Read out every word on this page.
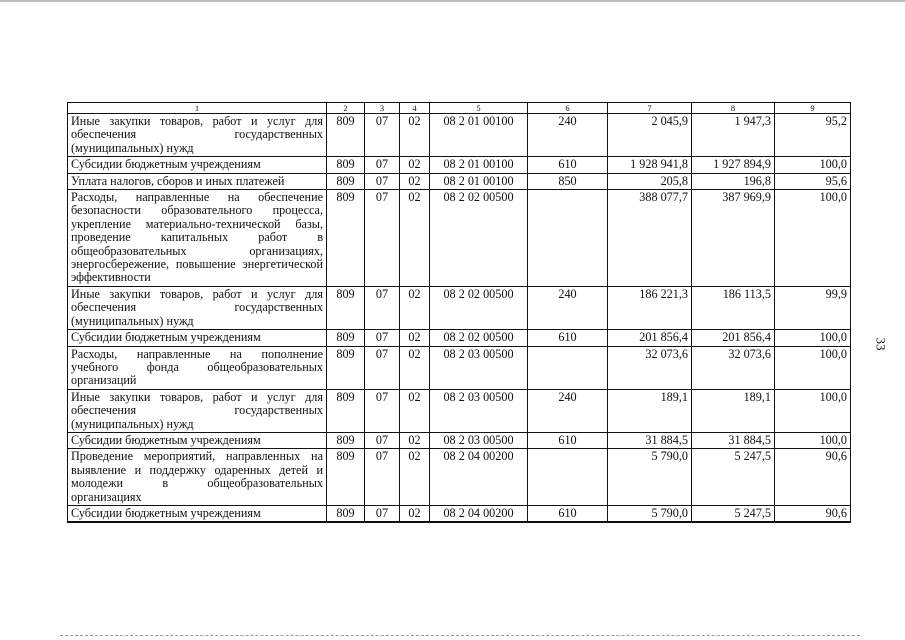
1	2	3	4	5	6	7	8	9
Иные закупки товаров, работ и услуг для обеспечения государственных (муниципальных) нужд	809	07	02	08 2 01 00100	240	2 045,9	1 947,3	95,2
Субсидии бюджетным учреждениям	809	07	02	08 2 01 00100	610	1 928 941,8	1 927 894,9	100,0
Уплата налогов, сборов и иных платежей	809	07	02	08 2 01 00100	850	205,8	196,8	95,6
Расходы, направленные на обеспечение безопасности образовательного процесса, укрепление материально-технической базы, проведение капитальных работ в общеобразовательных организациях, энергосбережение, повышение энергетической эффективности	809	07	02	08 2 02 00500		388 077,7	387 969,9	100,0
Иные закупки товаров, работ и услуг для обеспечения государственных (муниципальных) нужд	809	07	02	08 2 02 00500	240	186 221,3	186 113,5	99,9
Субсидии бюджетным учреждениям	809	07	02	08 2 02 00500	610	201 856,4	201 856,4	100,0
Расходы, направленные на пополнение учебного фонда общеобразовательных организаций	809	07	02	08 2 03 00500		32 073,6	32 073,6	100,0
Иные закупки товаров, работ и услуг для обеспечения государственных (муниципальных) нужд	809	07	02	08 2 03 00500	240	189,1	189,1	100,0
Субсидии бюджетным учреждениям	809	07	02	08 2 03 00500	610	31 884,5	31 884,5	100,0
Проведение мероприятий, направленных на выявление и поддержку одаренных детей и молодежи в общеобразовательных организациях	809	07	02	08 2 04 00200		5 790,0	5 247,5	90,6
Субсидии бюджетным учреждениям	809	07	02	08 2 04 00200	610	5 790,0	5 247,5	90,6
33
